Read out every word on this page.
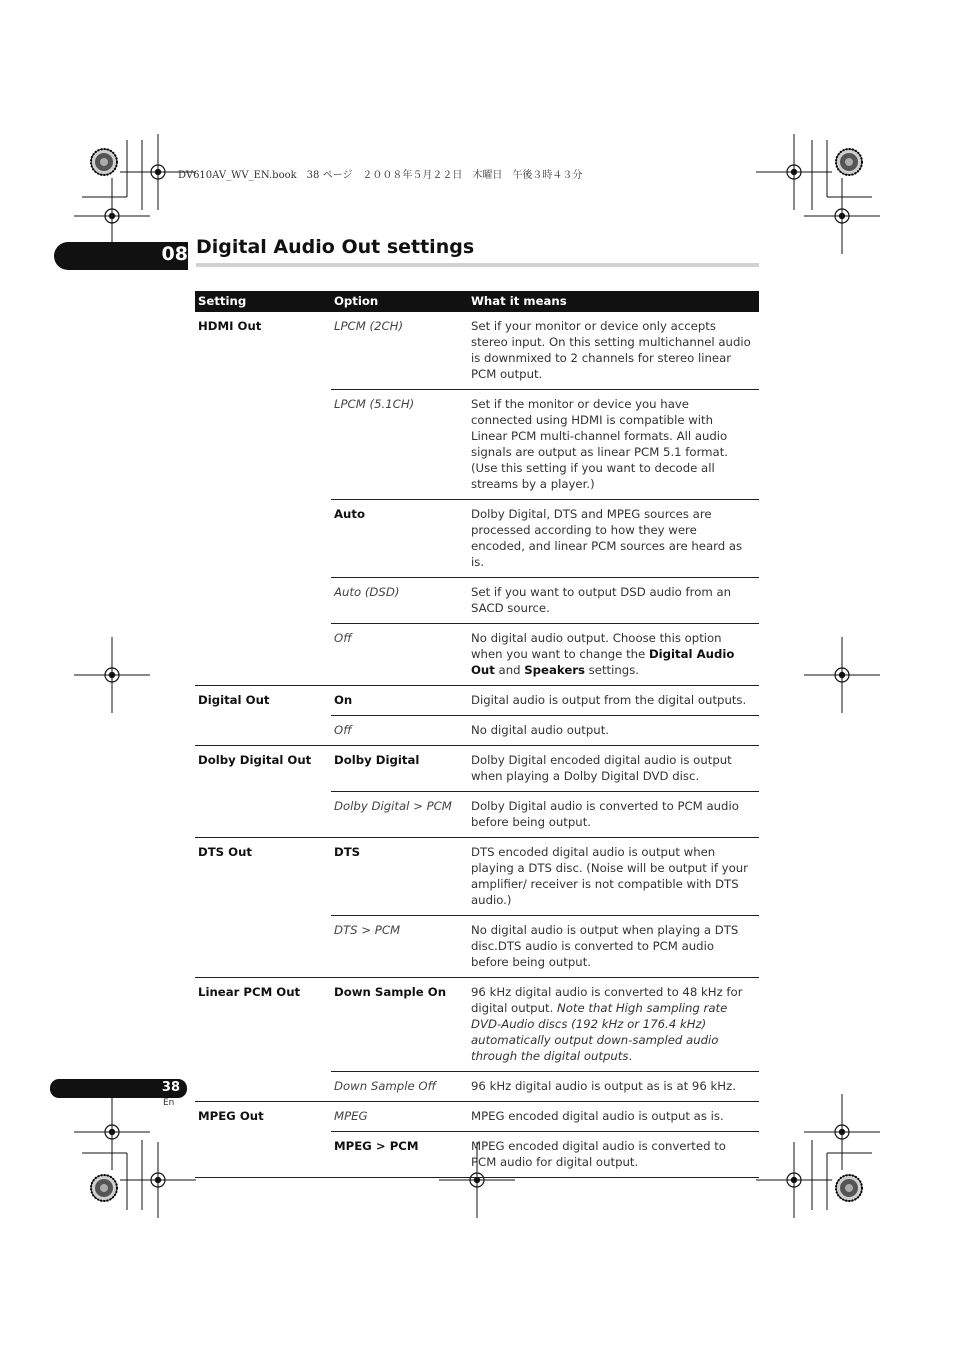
DV610AV_WV_EN.book　38 ページ　２００８年５月２２日　木曜日　午後３時４３分
08 Digital Audio Out settings
Setting	Option	What it means
HDMI Out	LPCM (2CH)	Set if your monitor or device only accepts stereo input. On this setting multichannel audio is downmixed to 2 channels for stereo linear PCM output.
	LPCM (5.1CH)	Set if the monitor or device you have connected using HDMI is compatible with Linear PCM multi-channel formats. All audio signals are output as linear PCM 5.1 format. (Use this setting if you want to decode all streams by a player.)
	Auto	Dolby Digital, DTS and MPEG sources are processed according to how they were encoded, and linear PCM sources are heard as is.
	Auto (DSD)	Set if you want to output DSD audio from an SACD source.
	Off	No digital audio output. Choose this option when you want to change the Digital Audio Out and Speakers settings.
Digital Out	On	Digital audio is output from the digital outputs.
	Off	No digital audio output.
Dolby Digital Out	Dolby Digital	Dolby Digital encoded digital audio is output when playing a Dolby Digital DVD disc.
	Dolby Digital > PCM	Dolby Digital audio is converted to PCM audio before being output.
DTS Out	DTS	DTS encoded digital audio is output when playing a DTS disc. (Noise will be output if your amplifier/ receiver is not compatible with DTS audio.)
	DTS > PCM	No digital audio is output when playing a DTS disc.DTS audio is converted to PCM audio before being output.
Linear PCM Out	Down Sample On	96 kHz digital audio is converted to 48 kHz for digital output. Note that High sampling rate DVD-Audio discs (192 kHz or 176.4 kHz) automatically output down-sampled audio through the digital outputs.
	Down Sample Off	96 kHz digital audio is output as is at 96 kHz.
MPEG Out	MPEG	MPEG encoded digital audio is output as is.
	MPEG > PCM	MPEG encoded digital audio is converted to PCM audio for digital output.
38
En
